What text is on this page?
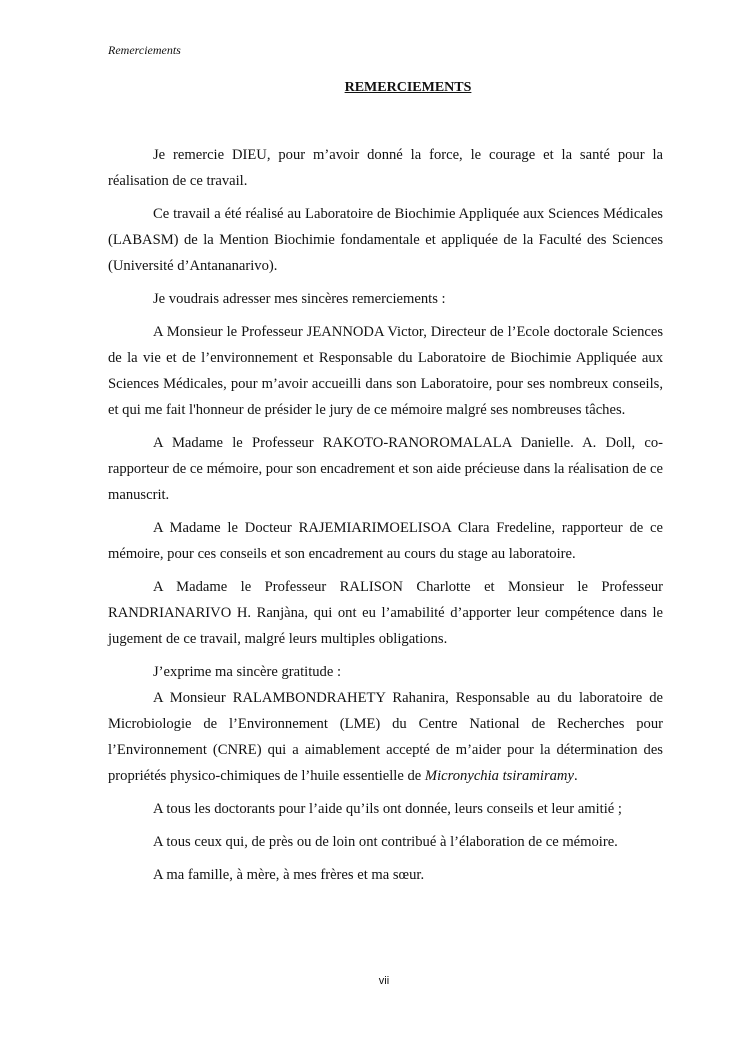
Remerciements
REMERCIEMENTS

Je remercie DIEU, pour m’avoir donné la force, le courage et la santé pour la réalisation de ce travail.

Ce travail a été réalisé au Laboratoire de Biochimie Appliquée aux Sciences Médicales (LABASM) de la Mention Biochimie fondamentale et appliquée de la Faculté des Sciences (Université d’Antananarivo).

Je voudrais adresser mes sincères remerciements :

A Monsieur le Professeur JEANNODA Victor, Directeur de l’Ecole doctorale Sciences de la vie et de l’environnement et Responsable du Laboratoire de Biochimie Appliquée aux Sciences Médicales, pour m’avoir accueilli dans son Laboratoire, pour ses nombreux conseils, et qui me fait l'honneur de présider le jury de ce mémoire malgré ses nombreuses tâches.

A Madame le Professeur RAKOTO-RANOROMALALA Danielle. A. Doll, co-rapporteur de ce mémoire, pour son encadrement et son aide précieuse dans la réalisation de ce manuscrit.

A Madame le Docteur RAJEMIARIMOELISOA Clara Fredeline, rapporteur de ce mémoire, pour ces conseils et son encadrement au cours du stage au laboratoire.

A Madame le Professeur RALISON Charlotte et Monsieur le Professeur RANDRIANARIVO H. Ranjàna, qui ont eu l’amabilité d’apporter leur compétence dans le jugement de ce travail, malgré leurs multiples obligations.

J’exprime ma sincère gratitude :

A Monsieur RALAMBONDRAHETY Rahanira, Responsable au du laboratoire de Microbiologie de l’Environnement (LME) du Centre National de Recherches pour l’Environnement (CNRE) qui a aimablement accepté de m’aider pour la détermination des propriétés physico-chimiques de l’huile essentielle de Micronychia tsiramiramy.

A tous les doctorants pour l’aide qu’ils ont donnée, leurs conseils et leur amitié ;

A tous ceux qui, de près ou de loin ont contribué à l’élaboration de ce mémoire.

A ma famille, à mère, à mes frères et ma sœur.

vii
